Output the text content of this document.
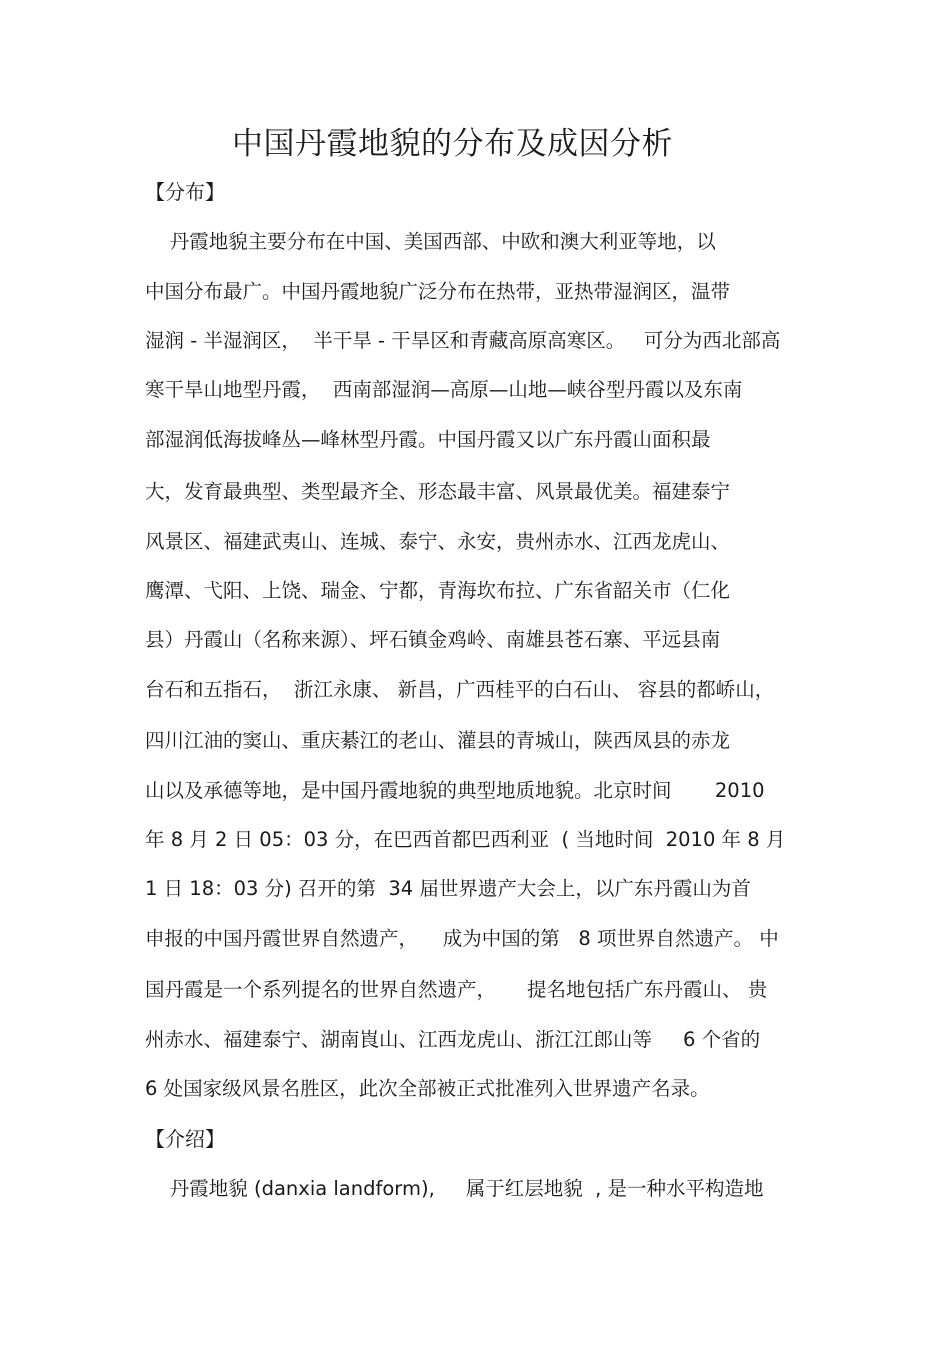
中国丹霞地貌的分布及成因分析
【分布】

丹霞地貌主要分布在中国、美国西部、中欧和澳大利亚等地，以

中国分布最广。中国丹霞地貌广泛分布在热带，亚热带湿润区，温带

湿润 - 半湿润区，  半干旱 - 干旱区和青藏高原高寒区。   可分为西北部高

寒干旱山地型丹霞，  西南部湿润—高原—山地—峡谷型丹霞以及东南

部湿润低海拔峰丛—峰林型丹霞。中国丹霞又以广东丹霞山面积最

大，发育最典型、类型最齐全、形态最丰富、风景最优美。福建泰宁

风景区、福建武夷山、连城、泰宁、永安，贵州赤水、江西龙虎山、

鹰潭、弋阳、上饶、瑞金、宁都，青海坎布拉、广东省韶关市（仁化

县）丹霞山（名称来源）、坪石镇金鸡岭、南雄县苍石寨、平远县南

台石和五指石，  浙江永康、 新昌，广西桂平的白石山、 容县的都峤山，

四川江油的窦山、重庆綦江的老山、灌县的青城山，陕西凤县的赤龙

山以及承德等地，是中国丹霞地貌的典型地质地貌。北京时间       2010

年 8 月 2 日 05：03 分，在巴西首都巴西利亚  ( 当地时间  2010 年 8 月

1 日 18：03 分) 召开的第  34 届世界遗产大会上，以广东丹霞山为首

申报的中国丹霞世界自然遗产，    成为中国的第   8 项世界自然遗产。 中

国丹霞是一个系列提名的世界自然遗产，     提名地包括广东丹霞山、 贵

州赤水、福建泰宁、湖南崀山、江西龙虎山、浙江江郎山等     6 个省的

6 处国家级风景名胜区，此次全部被正式批准列入世界遗产名录。

【介绍】

丹霞地貌 (danxia landform),     属于红层地貌  , 是一种水平构造地
